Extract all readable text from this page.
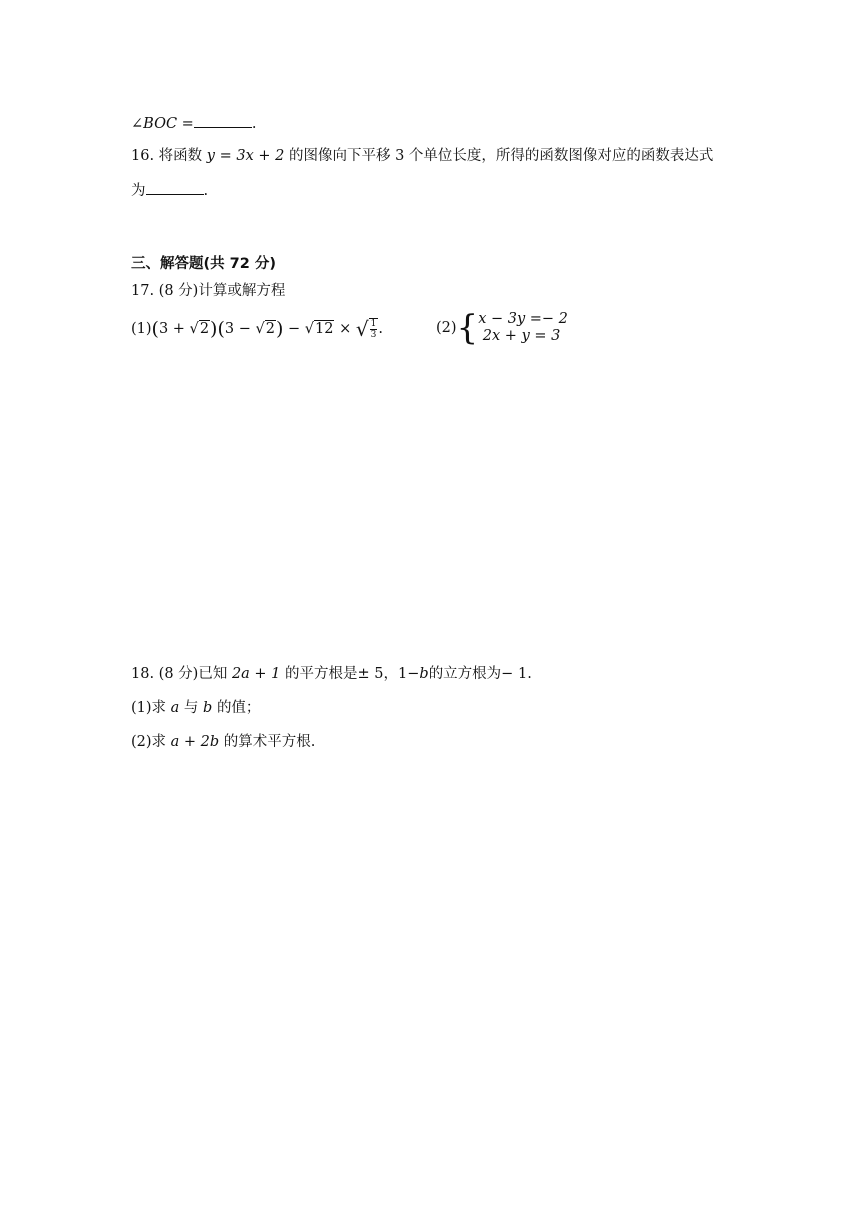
∠BOC =	.
16. 将函数 y = 3x + 2 的图像向下平移 3 个单位长度，所得的函数图像对应的函数表达式
为	.
三、解答题(共 72 分)
17. (8 分)计算或解方程
(1)(3 + √2)(3 − √2) − √12 × √ $\frac{1}{3}$ .	(2){x − 3y =− 2
2x + y = 3
18. (8 分)已知 2a + 1 的平方根是± 5，1−b的立方根为− 1.
(1)求 a 与 b 的值；
(2)求 a + 2b 的算术平方根.
